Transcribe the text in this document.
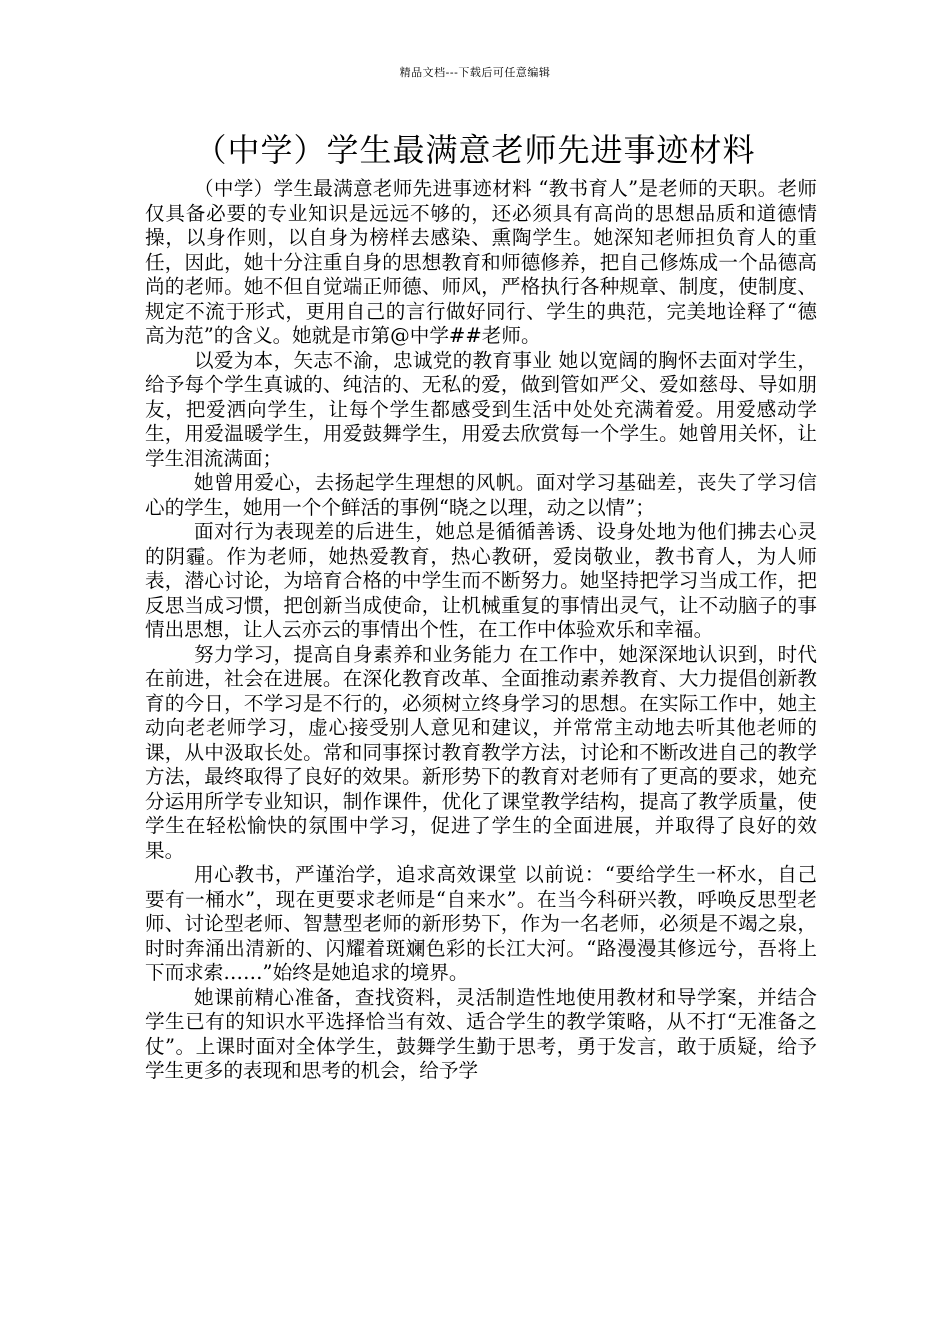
精品文档---下载后可任意编辑
（中学）学生最满意老师先进事迹材料

（中学）学生最满意老师先进事迹材料 “教书育人”是老师的天职。老师仅具备必要的专业知识是远远不够的，还必须具有高尚的思想品质和道德情操，以身作则，以自身为榜样去感染、熏陶学生。她深知老师担负育人的重任，因此，她十分注重自身的思想教育和师德修养，把自己修炼成一个品德高尚的老师。她不但自觉端正师德、师风，严格执行各种规章、制度，使制度、规定不流于形式，更用自己的言行做好同行、学生的典范，完美地诠释了“德高为范”的含义。她就是市第@中学##老师。

以爱为本，矢志不渝，忠诚党的教育事业 她以宽阔的胸怀去面对学生，给予每个学生真诚的、纯洁的、无私的爱，做到管如严父、爱如慈母、导如朋友，把爱洒向学生，让每个学生都感受到生活中处处充满着爱。用爱感动学生，用爱温暖学生，用爱鼓舞学生，用爱去欣赏每一个学生。她曾用关怀，让学生泪流满面；

她曾用爱心，去扬起学生理想的风帆。面对学习基础差，丧失了学习信心的学生，她用一个个鲜活的事例“晓之以理，动之以情”；

面对行为表现差的后进生，她总是循循善诱、设身处地为他们拂去心灵的阴霾。作为老师，她热爱教育，热心教研，爱岗敬业，教书育人，为人师表，潜心讨论，为培育合格的中学生而不断努力。她坚持把学习当成工作，把反思当成习惯，把创新当成使命，让机械重复的事情出灵气，让不动脑子的事情出思想，让人云亦云的事情出个性，在工作中体验欢乐和幸福。

努力学习，提高自身素养和业务能力 在工作中，她深深地认识到，时代在前进，社会在进展。在深化教育改革、全面推动素养教育、大力提倡创新教育的今日，不学习是不行的，必须树立终身学习的思想。在实际工作中，她主动向老老师学习，虚心接受别人意见和建议，并常常主动地去听其他老师的课，从中汲取长处。常和同事探讨教育教学方法，讨论和不断改进自己的教学方法，最终取得了良好的效果。新形势下的教育对老师有了更高的要求，她充分运用所学专业知识，制作课件，优化了课堂教学结构，提高了教学质量，使学生在轻松愉快的氛围中学习，促进了学生的全面进展，并取得了良好的效果。

用心教书，严谨治学，追求高效课堂 以前说：“要给学生一杯水，自己要有一桶水”，现在更要求老师是“自来水”。在当今科研兴教，呼唤反思型老师、讨论型老师、智慧型老师的新形势下，作为一名老师，必须是不竭之泉，时时奔涌出清新的、闪耀着斑斓色彩的长江大河。“路漫漫其修远兮，吾将上下而求索……”始终是她追求的境界。

她课前精心准备，查找资料，灵活制造性地使用教材和导学案，并结合学生已有的知识水平选择恰当有效、适合学生的教学策略，从不打“无准备之仗”。上课时面对全体学生，鼓舞学生勤于思考，勇于发言，敢于质疑，给予学生更多的表现和思考的机会，给予学
